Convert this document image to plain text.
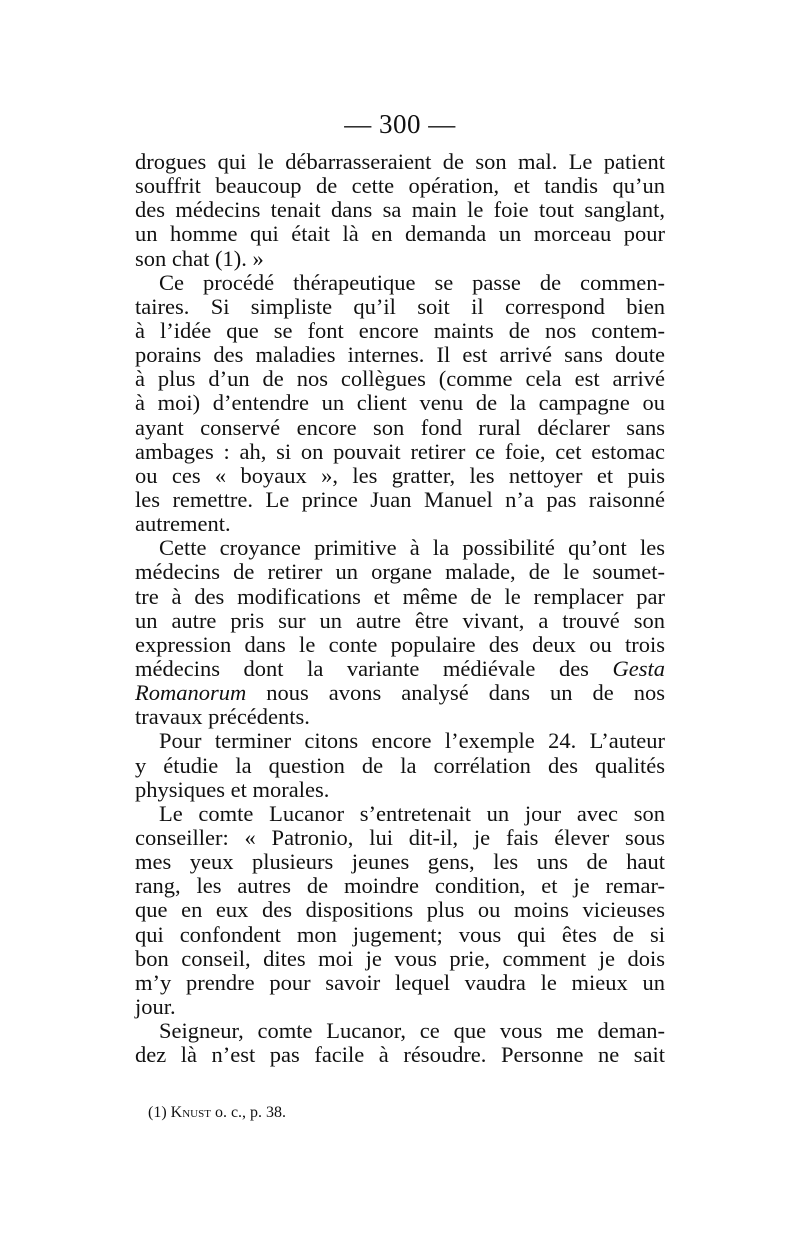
— 300 —
drogues qui le débarrasseraient de son mal. Le patient
souffrit beaucoup de cette opération, et tandis qu’un
des médecins tenait dans sa main le foie tout sanglant,
un homme qui était là en demanda un morceau pour
son chat (1). »
Ce procédé thérapeutique se passe de commen-
taires. Si simpliste qu’il soit il correspond bien
à l’idée que se font encore maints de nos contem-
porains des maladies internes. Il est arrivé sans doute
à plus d’un de nos collègues (comme cela est arrivé
à moi) d’entendre un client venu de la campagne ou
ayant conservé encore son fond rural déclarer sans
ambages : ah, si on pouvait retirer ce foie, cet estomac
ou ces « boyaux », les gratter, les nettoyer et puis
les remettre. Le prince Juan Manuel n’a pas raisonné
autrement.
Cette croyance primitive à la possibilité qu’ont les
médecins de retirer un organe malade, de le soumet-
tre à des modifications et même de le remplacer par
un autre pris sur un autre être vivant, a trouvé son
expression dans le conte populaire des deux ou trois
médecins dont la variante médiévale des Gesta
Romanorum nous avons analysé dans un de nos
travaux précédents.
Pour terminer citons encore l’exemple 24. L’auteur
y étudie la question de la corrélation des qualités
physiques et morales.
Le comte Lucanor s’entretenait un jour avec son
conseiller: « Patronio, lui dit-il, je fais élever sous
mes yeux plusieurs jeunes gens, les uns de haut
rang, les autres de moindre condition, et je remar-
que en eux des dispositions plus ou moins vicieuses
qui confondent mon jugement; vous qui êtes de si
bon conseil, dites moi je vous prie, comment je dois
m’y prendre pour savoir lequel vaudra le mieux un
jour.
Seigneur, comte Lucanor, ce que vous me deman-
dez là n’est pas facile à résoudre. Personne ne sait
(1) Knust o. c., p. 38.
